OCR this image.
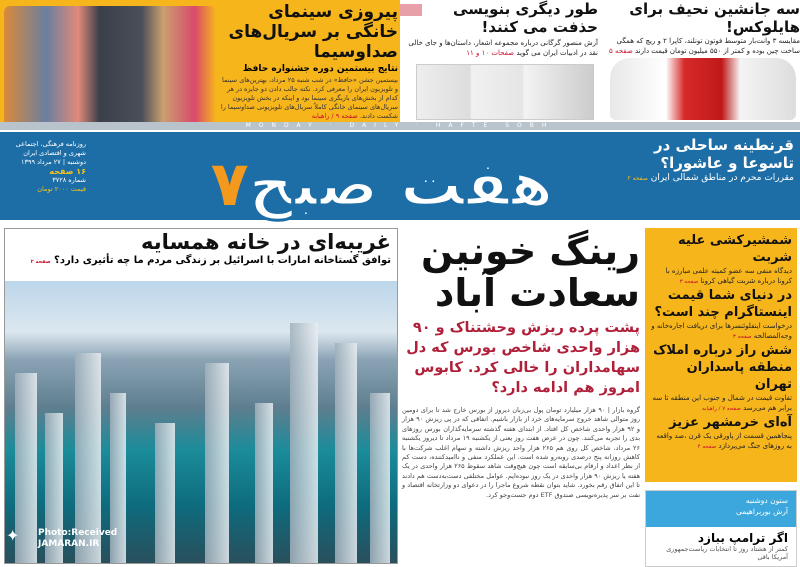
پیروزی سینمای خانگی بر سریال‌های صداوسیما
نتایج بیستمین دوره جشنواره حافظ
بیستمین جشن «حافظ» در شب شنبه ۲۵ مرداد، بهترین‌های سینما و تلویزیون ایران را معرفی کرد. نکته جالب دادن دو جایزه در هر کدام از بخش‌های بازیگری سینما بود و اینکه در بخش تلویزیون سریال‌های سینمای خانگی کاملاً سریال‌های تلویزیونی صداوسیما را شکست دادند. صفحه ۹ / راهیابه
طور دیگری بنویسی حذفت می کنند!
آرش منصور گرگانی درباره مجموعه اشعار، داستان‌ها و جای خالی نقد در ادبیات ایران می گوید صفحات ۱۰ و ۱۱
سه جانشین نحیف برای هایلوکس!
مقایسه ۳ وانت‌بار متوسط فوتون تونلند، کاپرا ۲ و ریچ که همگی ساخت چین بوده و کمتر از ۵۵۰ میلیون تومان قیمت دارند صفحه ۵
MONDAY · DAILY · HAFTE SOBH
روزنامه فرهنگی، اجتماعی
شهری و اقتصادی ایران
دوشنبه | ۲۷ مرداد ۱۳۹۹
۱۶ صفحه
شماره ۳۷۲۸
قیمت ۲۰۰۰ تومان
قرنطینه ساحلی در تاسوعا و عاشورا؟
مقررات محرم در مناطق شمالی ایران صفحه ۲
۷ هفت صبح
غریبه‌ای در خانه همسایه
توافق گستاخانه امارات با اسرائیل بر زندگی مردم ما چه تأثیری دارد؟ صفحه ۲
✦ Photo:Received
JAMARAN.IR
رینگ خونین سعادت آباد
پشت پرده ریزش وحشتناک و ۹۰ هزار واحدی شاخص بورس که دل سهامداران را خالی کرد. کابوس امروز هم ادامه دارد؟
گروه بازار | ۹۰ هزار میلیارد تومان پول بی‌زبان دیروز از بورس خارج شد تا برای دومین روز متوالی شاهد خروج سرمایه‌های خرد از بازار باشیم. اتفاقی که در پی ریزش ۹۰ هزار و ۹۲ هزار واحدی شاخص کل افتاد. از ابتدای هفته گذشته سرمایه‌گذاران بورس روزهای بدی را تجربه می‌کنند. چون در عرض هفت روز یعنی از یکشنبه ۱۹ مرداد تا دیروز یکشنبه ۲۶ مرداد، شاخص کل روی هم ۲۶۵ هزار واحد ریزش داشته و سهام اغلب شرکت‌ها با کاهش روزانه پنج درصدی روبه‌رو شده است. این عملکرد منفی و ناامیدکننده، دست کم از نظر اعداد و ارقام بی‌سابقه است چون هیچ‌وقت شاهد سقوط ۲۶۵ هزار واحدی در یک هفته یا ریزش ۹۰ هزار واحدی در یک روز نبوده‌ایم. عوامل مختلفی دست‌به‌دست هم دادند تا این اتفاق رقم بخورد. شاید بتوان نقطه شروع ماجرا را در دعوای دو وزارتخانه اقتصاد و نفت بر سر پذیره‌نویسی صندوق ETF دوم جست‌وجو کرد.
شمشیرکشی علیه شربت
دیدگاه منفی سه عضو کمیته علمی مبارزه با کرونا درباره شربت گیاهی کرونا صفحه ۳
در دنیای شما قیمت اینستاگرام چند است؟
درخواست اینفلوئنسرها برای دریافت اجاره‌خانه و وجه‌المصالحه صفحه ۳
شش راز درباره املاک منطقه پاسداران تهران
تفاوت قیمت در شمال و جنوب این منطقه تا سه برابر هم می‌رسد صفحه ۷ / راهیابه
آه‌ای خرمشهر عزیز
پنجاهمین قسمت از پاورقی یک قرن ،صد واقعه به روزهای جنگ می‌پردازد صفحه ۴
ستون دوشنبه
آرش بوربراهیمی
اگر ترامپ ببازد
کمتر از هشتاد روز تا انتخابات ریاست‌جمهوری آمریکا باقی
